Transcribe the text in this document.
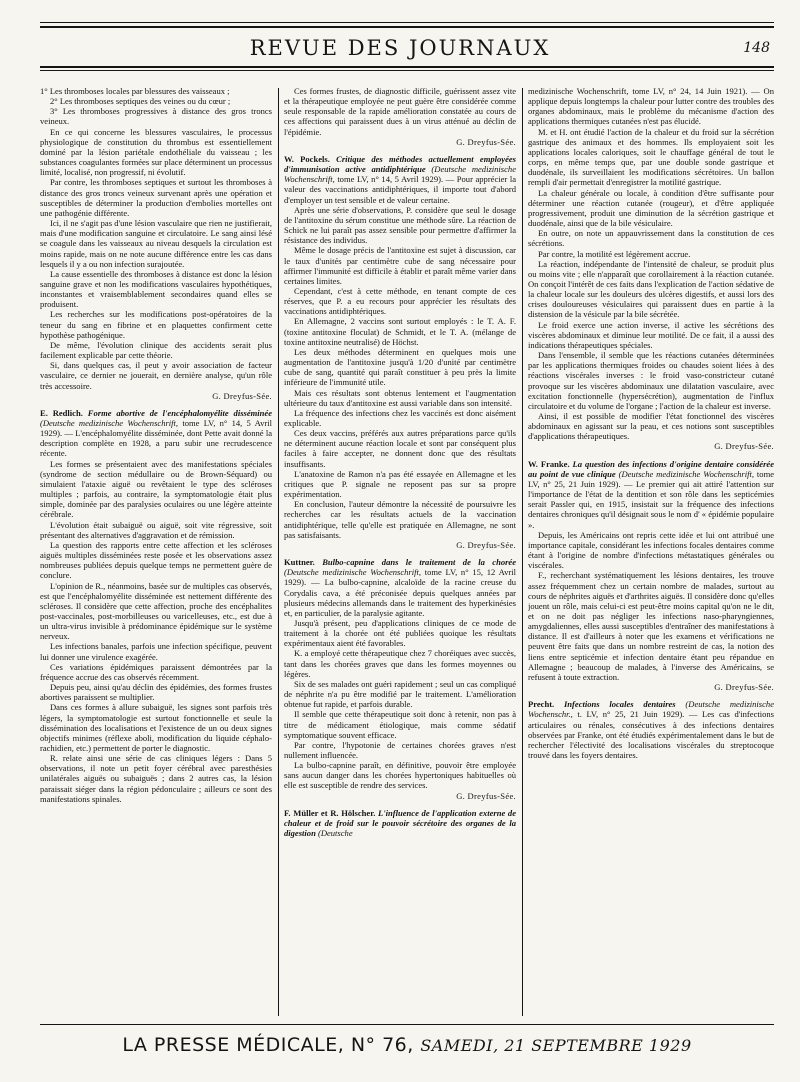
REVUE DES JOURNAUX	148

1° Les thromboses locales par blessures des vaisseaux ;

2° Les thromboses septiques des veines ou du cœur ;

3° Les thromboses progressives à distance des gros troncs veineux.

En ce qui concerne les blessures vasculaires, le processus physiologique de constitution du thrombus est essentiellement dominé par la lésion pariétale endothéliale du vaisseau ; les substances coagulantes formées sur place déterminent un processus limité, localisé, non progressif, ni évolutif.

Par contre, les thromboses septiques et surtout les thromboses à distance des gros troncs veineux survenant après une opération et susceptibles de déterminer la production d'embolies mortelles ont une pathogénie différente.

Ici, il ne s'agit pas d'une lésion vasculaire que rien ne justifierait, mais d'une modification sanguine et circulatoire. Le sang ainsi lésé se coagule dans les vaisseaux au niveau desquels la circulation est moins rapide, mais on ne note aucune différence entre les cas dans lesquels il y a ou non infection surajoutée.

La cause essentielle des thromboses à distance est donc la lésion sanguine grave et non les modifications vasculaires hypothétiques, inconstantes et vraisemblablement secondaires quand elles se produisent.

Les recherches sur les modifications post-opératoires de la teneur du sang en fibrine et en plaquettes confirment cette hypothèse pathogénique.

De même, l'évolution clinique des accidents serait plus facilement explicable par cette théorie.

Si, dans quelques cas, il peut y avoir association de facteur vasculaire, ce dernier ne jouerait, en dernière analyse, qu'un rôle très accessoire.

G. Dreyfus-Sée.

E. Redlich. Forme abortive de l'encéphalomyélite disséminée (Deutsche medizinische Wochenschrift, tome LV, n° 14, 5 Avril 1929). — L'encéphalomyélite disséminée, dont Pette avait donné la description complète en 1928, a paru subir une recrudescence récente.

Les formes se présentaient avec des manifestations spéciales (syndrome de section médullaire ou de Brown-Séquard) ou simulaient l'ataxie aiguë ou revêtaient le type des scléroses multiples ; parfois, au contraire, la symptomatologie était plus simple, dominée par des paralysies oculaires ou une légère atteinte cérébrale.

L'évolution était subaiguë ou aiguë, soit vite régressive, soit présentant des alternatives d'aggravation et de rémission.

La question des rapports entre cette affection et les scléroses aiguës multiples disséminées reste posée et les observations assez nombreuses publiées depuis quelque temps ne permettent guère de conclure.

L'opinion de R., néanmoins, basée sur de multiples cas observés, est que l'encéphalomyélite disséminée est nettement différente des scléroses. Il considère que cette affection, proche des encéphalites post-vaccinales, post-morbilleuses ou varicelleuses, etc., est due à un ultra-virus invisible à prédominance épidémique sur le système nerveux.

Les infections banales, parfois une infection spécifique, peuvent lui donner une virulence exagérée.

Ces variations épidémiques paraissent démontrées par la fréquence accrue des cas observés récemment.

Depuis peu, ainsi qu'au déclin des épidémies, des formes frustes abortives paraissent se multiplier.

Dans ces formes à allure subaiguë, les signes sont parfois très légers, la symptomatologie est surtout fonctionnelle et seule la dissémination des localisations et l'existence de un ou deux signes objectifs minimes (réflexe aboli, modification du liquide céphalo-rachidien, etc.) permettent de porter le diagnostic.

R. relate ainsi une série de cas cliniques légers : Dans 5 observations, il note un petit foyer cérébral avec paresthésies unilatérales aiguës ou subaiguës ; dans 2 autres cas, la lésion paraissait siéger dans la région pédonculaire ; ailleurs ce sont des manifestations spinales.

Ces formes frustes, de diagnostic difficile, guérissent assez vite et la thérapeutique employée ne peut guère être considérée comme seule responsable de la rapide amélioration constatée au cours de ces affections qui paraissent dues à un virus atténué au déclin de l'épidémie.

G. Dreyfus-Sée.

W. Pockels. Critique des méthodes actuellement employées d'immunisation active antidiphtérique (Deutsche medizinische Wochenschrift, tome LV, n° 14, 5 Avril 1929). — Pour apprécier la valeur des vaccinations antidiphtériques, il importe tout d'abord d'employer un test sensible et de valeur certaine.

Après une série d'observations, P. considère que seul le dosage de l'antitoxine du sérum constitue une méthode sûre. La réaction de Schick ne lui paraît pas assez sensible pour permettre d'affirmer la résistance des individus.

Même le dosage précis de l'antitoxine est sujet à discussion, car le taux d'unités par centimètre cube de sang nécessaire pour affirmer l'immunité est difficile à établir et paraît même varier dans certaines limites.

Cependant, c'est à cette méthode, en tenant compte de ces réserves, que P. a eu recours pour apprécier les résultats des vaccinations antidiphtériques.

En Allemagne, 2 vaccins sont surtout employés : le T. A. F. (toxine antitoxine floculat) de Schmidt, et le T. A. (mélange de toxine antitoxine neutralisé) de Höchst.

Les deux méthodes déterminent en quelques mois une augmentation de l'antitoxine jusqu'à 1/20 d'unité par centimètre cube de sang, quantité qui paraît constituer à peu près la limite inférieure de l'immunité utile.

Mais ces résultats sont obtenus lentement et l'augmentation ultérieure du taux d'antitoxine est aussi variable dans son intensité.

La fréquence des infections chez les vaccinés est donc aisément explicable.

Ces deux vaccins, préférés aux autres préparations parce qu'ils ne déterminent aucune réaction locale et sont par conséquent plus faciles à faire accepter, ne donnent donc que des résultats insuffisants.

L'anatoxine de Ramon n'a pas été essayée en Allemagne et les critiques que P. signale ne reposent pas sur sa propre expérimentation.

En conclusion, l'auteur démontre la nécessité de poursuivre les recherches car les résultats actuels de la vaccination antidiphtérique, telle qu'elle est pratiquée en Allemagne, ne sont pas satisfaisants.

G. Dreyfus-Sée.

Kuttner. Bulbo-capnine dans le traitement de la chorée (Deutsche medizinische Wochenschrift, tome LV, n° 15, 12 Avril 1929). — La bulbo-capnine, alcaloïde de la racine creuse du Corydalis cava, a été préconisée depuis quelques années par plusieurs médecins allemands dans le traitement des hyperkinésies et, en particulier, de la paralysie agitante.

Jusqu'à présent, peu d'applications cliniques de ce mode de traitement à la chorée ont été publiées quoique les résultats expérimentaux aient été favorables.

K. a employé cette thérapeutique chez 7 choréiques avec succès, tant dans les chorées graves que dans les formes moyennes ou légères.

Six de ses malades ont guéri rapidement ; seul un cas compliqué de néphrite n'a pu être modifié par le traitement. L'amélioration obtenue fut rapide, et parfois durable.

Il semble que cette thérapeutique soit donc à retenir, non pas à titre de médicament étiologique, mais comme sédatif symptomatique souvent efficace.

Par contre, l'hypotonie de certaines chorées graves n'est nullement influencée.

La bulbo-capnine paraît, en définitive, pouvoir être employée sans aucun danger dans les chorées hypertoniques habituelles où elle est susceptible de rendre des services.

G. Dreyfus-Sée.

F. Müller et R. Hölscher. L'influence de l'application externe de chaleur et de froid sur le pouvoir sécrétoire des organes de la digestion (Deutsche

medizinische Wochenschrift, tome LV, n° 24, 14 Juin 1921). — On applique depuis longtemps la chaleur pour lutter contre des troubles des organes abdominaux, mais le problème du mécanisme d'action des applications thermiques cutanées n'est pas élucidé.

M. et H. ont étudié l'action de la chaleur et du froid sur la sécrétion gastrique des animaux et des hommes. Ils employaient soit les applications locales caloriques, soit le chauffage général de tout le corps, en même temps que, par une double sonde gastrique et duodénale, ils surveillaient les modifications sécrétoires. Un ballon rempli d'air permettait d'enregistrer la motilité gastrique.

La chaleur générale ou locale, à condition d'être suffisante pour déterminer une réaction cutanée (rougeur), et d'être appliquée progressivement, produit une diminution de la sécrétion gastrique et duodénale, ainsi que de la bile vésiculaire.

En outre, on note un appauvrissement dans la constitution de ces sécrétions.

Par contre, la motilité est légèrement accrue.

La réaction, indépendante de l'intensité de chaleur, se produit plus ou moins vite ; elle n'apparaît que corollairement à la réaction cutanée. On conçoit l'intérêt de ces faits dans l'explication de l'action sédative de la chaleur locale sur les douleurs des ulcères digestifs, et aussi lors des crises douloureuses vésiculaires qui paraissent dues en partie à la distension de la vésicule par la bile sécrétée.

Le froid exerce une action inverse, il active les sécrétions des viscères abdominaux et diminue leur motilité. De ce fait, il a aussi des indications thérapeutiques spéciales.

Dans l'ensemble, il semble que les réactions cutanées déterminées par les applications thermiques froides ou chaudes soient liées à des réactions viscérales inverses : le froid vaso-constricteur cutané provoque sur les viscères abdominaux une dilatation vasculaire, avec excitation fonctionnelle (hypersécrétion), augmentation de l'influx circulatoire et du volume de l'organe ; l'action de la chaleur est inverse.

Ainsi, il est possible de modifier l'état fonctionnel des viscères abdominaux en agissant sur la peau, et ces notions sont susceptibles d'applications thérapeutiques.

G. Dreyfus-Sée.

W. Franke. La question des infections d'origine dentaire considérée au point de vue clinique (Deutsche medizinische Wochenschrift, tome LV, n° 25, 21 Juin 1929). — Le premier qui ait attiré l'attention sur l'importance de l'état de la dentition et son rôle dans les septicémies serait Passler qui, en 1915, insistait sur la fréquence des infections dentaires chroniques qu'il désignait sous le nom d' « épidémie populaire ».

Depuis, les Américains ont repris cette idée et lui ont attribué une importance capitale, considérant les infections focales dentaires comme étant à l'origine de nombre d'infections métastatiques générales ou viscérales.

F., recherchant systématiquement les lésions dentaires, les trouve assez fréquemment chez un certain nombre de malades, surtout au cours de néphrites aiguës et d'arthrites aiguës. Il considère donc qu'elles jouent un rôle, mais celui-ci est peut-être moins capital qu'on ne le dit, et on ne doit pas négliger les infections naso-pharyngiennes, amygdaliennes, elles aussi susceptibles d'entraîner des manifestations à distance. Il est d'ailleurs à noter que les examens et vérifications ne peuvent être faits que dans un nombre restreint de cas, la notion des liens entre septicémie et infection dentaire étant peu répandue en Allemagne ; beaucoup de malades, à l'inverse des Américains, se refusent à toute extraction.

G. Dreyfus-Sée.

Precht. Infections locales dentaires (Deutsche medizinische Wochenschr., t. LV, n° 25, 21 Juin 1929). — Les cas d'infections articulaires ou rénales, consécutives à des infections dentaires observées par Franke, ont été étudiés expérimentalement dans le but de rechercher l'électivité des localisations viscérales du streptocoque trouvé dans les foyers dentaires.

LA PRESSE MÉDICALE, N° 76, SAMEDI, 21 SEPTEMBRE 1929
